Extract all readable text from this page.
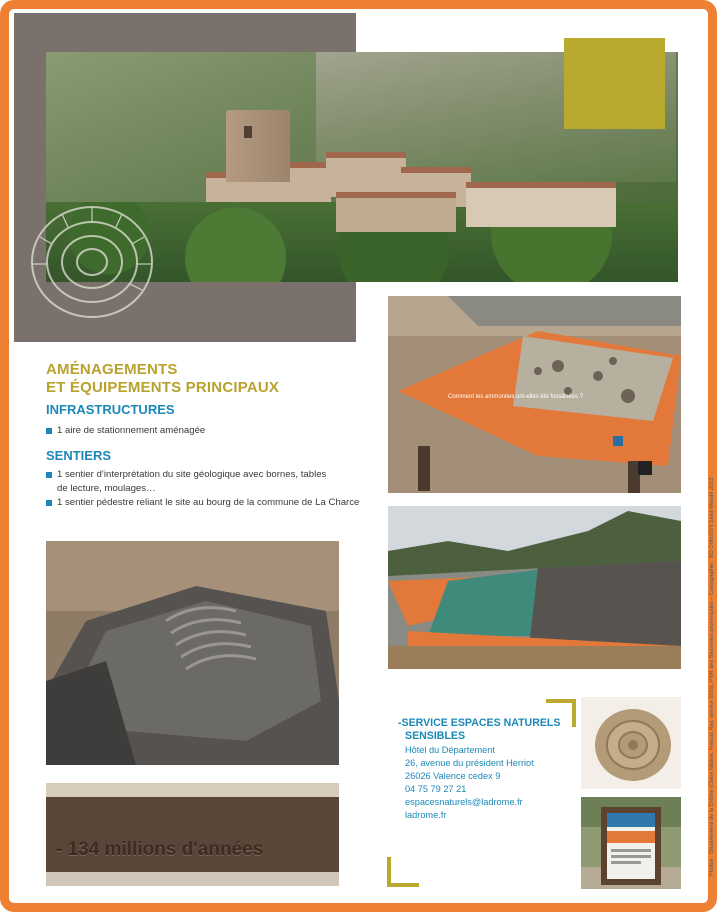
AMÉNAGEMENTS
ET ÉQUIPEMENTS PRINCIPAUX
INFRASTRUCTURES
1 aire de stationnement aménagée
SENTIERS
1 sentier d’interprétation du site géologique avec bornes, tables
de lecture, moulages…
1 sentier pédestre reliant le site au bourg de la commune de La Charce
Comment les ammonites ont-elles été fossilisées ?
- 134 millions d'années
-SERVICE ESPACES NATURELS
SENSIBLES
Hôtel du Département
26, avenue du président Herriot
26026 Valence cedex 9
04 75 79 27 21
espacesnaturels@ladrome.fr
ladrome.fr	Photos : Département de la Drôme (Claire Malina, Francis Ray, service ENS), PNR des Baronnies provençales – Cartographie : BD OrthoIGN Saint-Mandé 2013
